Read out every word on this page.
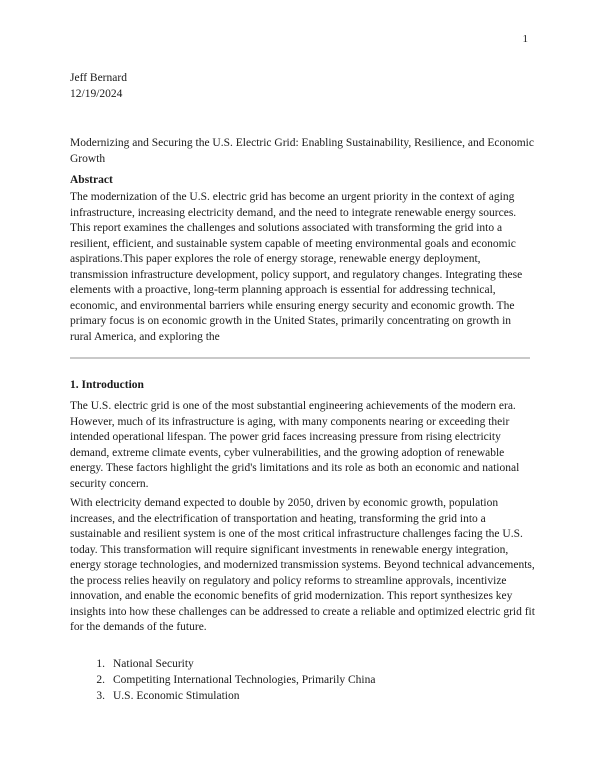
1
Jeff Bernard
12/19/2024
Modernizing and Securing the U.S. Electric Grid: Enabling Sustainability, Resilience, and Economic Growth
Abstract

The modernization of the U.S. electric grid has become an urgent priority in the context of aging infrastructure, increasing electricity demand, and the need to integrate renewable energy sources. This report examines the challenges and solutions associated with transforming the grid into a resilient, efficient, and sustainable system capable of meeting environmental goals and economic aspirations.This paper explores the role of energy storage, renewable energy deployment, transmission infrastructure development, policy support, and regulatory changes. Integrating these elements with a proactive, long-term planning approach is essential for addressing technical, economic, and environmental barriers while ensuring energy security and economic growth. The primary focus is on economic growth in the United States, primarily concentrating on growth in rural America, and exploring the

1. Introduction

The U.S. electric grid is one of the most substantial engineering achievements of the modern era. However, much of its infrastructure is aging, with many components nearing or exceeding their intended operational lifespan. The power grid faces increasing pressure from rising electricity demand, extreme climate events, cyber vulnerabilities, and the growing adoption of renewable energy. These factors highlight the grid's limitations and its role as both an economic and national security concern.

With electricity demand expected to double by 2050, driven by economic growth, population increases, and the electrification of transportation and heating, transforming the grid into a sustainable and resilient system is one of the most critical infrastructure challenges facing the U.S. today. This transformation will require significant investments in renewable energy integration, energy storage technologies, and modernized transmission systems. Beyond technical advancements, the process relies heavily on regulatory and policy reforms to streamline approvals, incentivize innovation, and enable the economic benefits of grid modernization. This report synthesizes key insights into how these challenges can be addressed to create a reliable and optimized electric grid fit for the demands of the future.

1. National Security
2. Competiting International Technologies, Primarily China
3. U.S. Economic Stimulation
